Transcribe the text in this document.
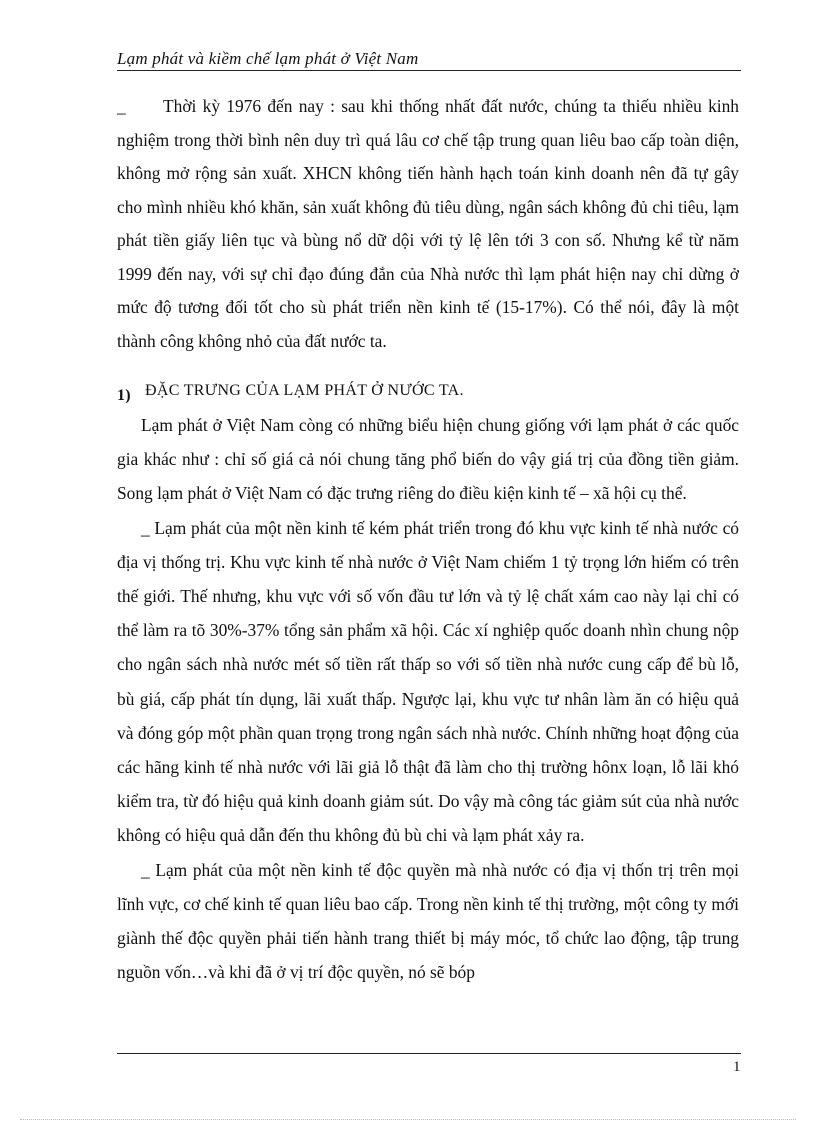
Lạm phát và kiềm chế lạm phát ở Việt Nam

_ Thời kỳ 1976 đến nay : sau khi thống nhất đất nước, chúng ta thiếu nhiều kinh nghiệm trong thời bình nên duy trì quá lâu cơ chế tập trung quan liêu bao cấp toàn diện, không mở rộng sản xuất. XHCN không tiến hành hạch toán kinh doanh nên đã tự gây cho mình nhiều khó khăn, sản xuất không đủ tiêu dùng, ngân sách không đủ chi tiêu, lạm phát tiền giấy liên tục và bùng nổ dữ dội với tỷ lệ lên tới 3 con số. Nhưng kể từ năm 1999 đến nay, với sự chỉ đạo đúng đắn của Nhà nước thì lạm phát hiện nay chỉ dừng ở mức độ tương đối tốt cho sù phát triển nền kinh tế (15-17%). Có thể nói, đây là một thành công không nhỏ của đất nước ta.

1) ĐẶC TRƯNG CỦA LẠM PHÁT Ở NƯỚC TA.

Lạm phát ở Việt Nam còng có những biểu hiện chung giống với lạm phát ở các quốc gia khác như : chỉ số giá cả nói chung tăng phổ biến do vậy giá trị của đồng tiền giảm. Song lạm phát ở Việt Nam có đặc trưng riêng do điều kiện kinh tế – xã hội cụ thể.

_ Lạm phát của một nền kinh tế kém phát triển trong đó khu vực kinh tế nhà nước có địa vị thống trị. Khu vực kinh tế nhà nước ở Việt Nam chiếm 1 tỷ trọng lớn hiếm có trên thế giới. Thế nhưng, khu vực với số vốn đầu tư lớn và tỷ lệ chất xám cao này lại chỉ có thể làm ra tõ 30%-37% tổng sản phẩm xã hội. Các xí nghiệp quốc doanh nhìn chung nộp cho ngân sách nhà nước mét số tiền rất thấp so với số tiền nhà nước cung cấp để bù lỗ, bù giá, cấp phát tín dụng, lãi xuất thấp. Ngược lại, khu vực tư nhân làm ăn có hiệu quả và đóng góp một phần quan trọng trong ngân sách nhà nước. Chính những hoạt động của các hãng kinh tế nhà nước với lãi giả lỗ thật đã làm cho thị trường hônx loạn, lỗ lãi khó kiểm tra, từ đó hiệu quả kinh doanh giảm sút. Do vậy mà công tác giảm sút của nhà nước không có hiệu quả dẫn đến thu không đủ bù chi và lạm phát xảy ra.

_ Lạm phát của một nền kinh tế độc quyền mà nhà nước có địa vị thốn trị trên mọi lĩnh vực, cơ chế kinh tế quan liêu bao cấp. Trong nền kinh tế thị trường, một công ty mới giành thế độc quyền phải tiến hành trang thiết bị máy móc, tổ chức lao động, tập trung nguồn vốn…và khi đã ở vị trí độc quyền, nó sẽ bóp

1
